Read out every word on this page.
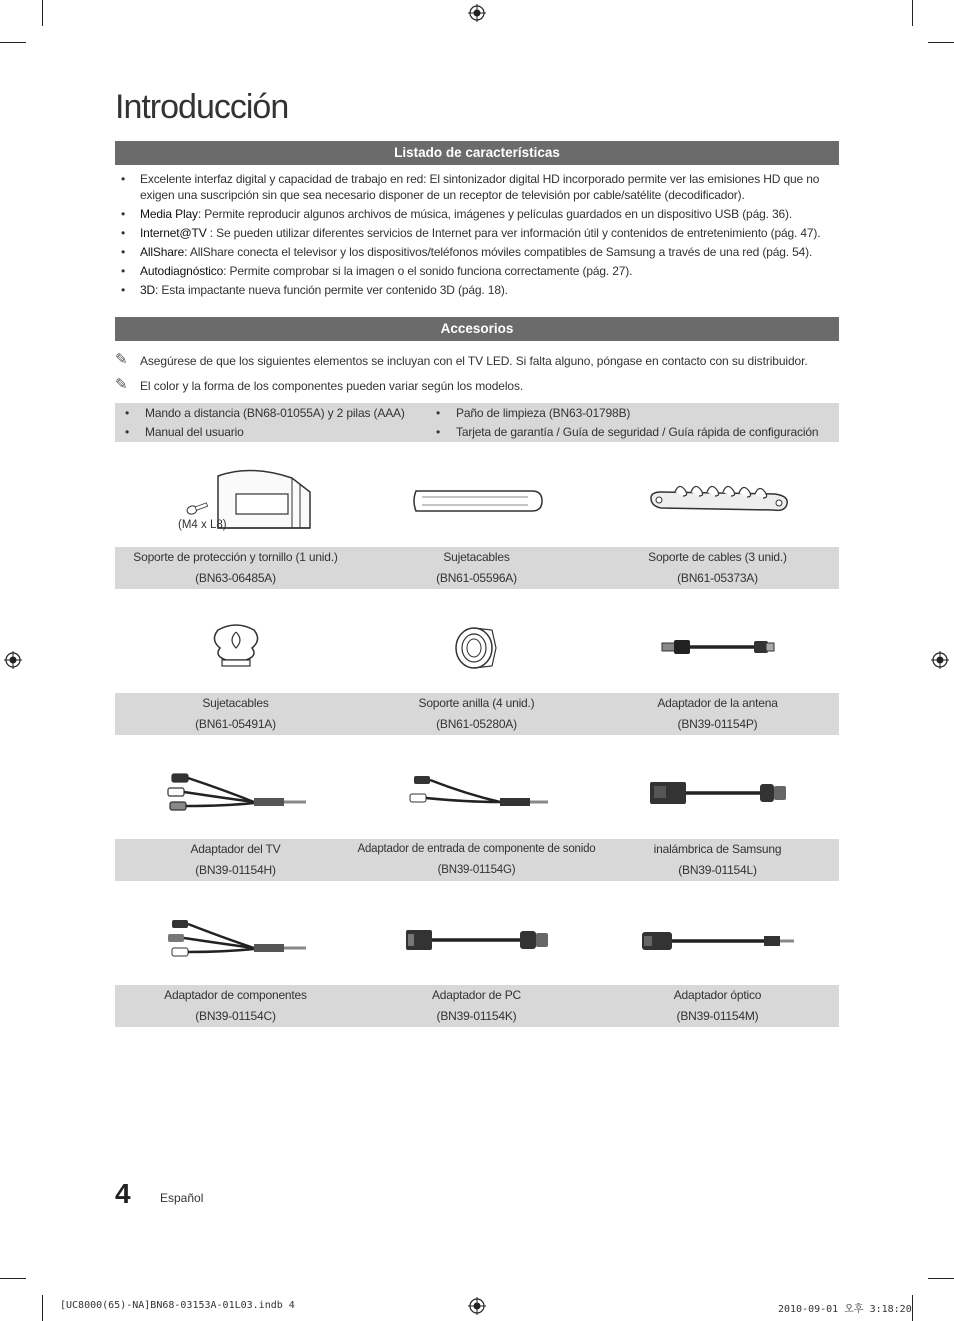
Introducción
Listado de características
• Excelente interfaz digital y capacidad de trabajo en red: El sintonizador digital HD incorporado permite ver las emisiones HD que no exigen una suscripción sin que sea necesario disponer de un receptor de televisión por cable/satélite (decodificador).
• Media Play: Permite reproducir algunos archivos de música, imágenes y películas guardados en un dispositivo USB (pág. 36).
• Internet@TV : Se pueden utilizar diferentes servicios de Internet para ver información útil y contenidos de entretenimiento (pág. 47).
• AllShare: AllShare conecta el televisor y los dispositivos/teléfonos móviles compatibles de Samsung a través de una red (pág. 54).
• Autodiagnóstico: Permite comprobar si la imagen o el sonido funciona correctamente (pág. 27).
• 3D: Esta impactante nueva función permite ver contenido 3D (pág. 18).
Accesorios
✎ Asegúrese de que los siguientes elementos se incluyan con el TV LED. Si falta alguno, póngase en contacto con su distribuidor.
✎ El color y la forma de los componentes pueden variar según los modelos.
• Mando a distancia (BN68-01055A) y 2 pilas (AAA)
• Manual del usuario
• Paño de limpieza (BN63-01798B)
• Tarjeta de garantía / Guía de seguridad / Guía rápida de configuración
(M4 x L8)
Soporte de protección y tornillo (1 unid.)
(BN63-06485A)
Sujetacables
(BN61-05596A)
Soporte de cables (3 unid.)
(BN61-05373A)
Sujetacables
(BN61-05491A)
Soporte anilla (4 unid.)
(BN61-05280A)
Adaptador de la antena
(BN39-01154P)
Adaptador del TV
(BN39-01154H)
Adaptador de entrada de componente de sonido
(BN39-01154G)
inalámbrica de Samsung
(BN39-01154L)
Adaptador de componentes
(BN39-01154C)
Adaptador de PC
(BN39-01154K)
Adaptador óptico
(BN39-01154M)
4 Español
[UC8000(65)-NA]BN68-03153A-01L03.indb 4	2010-09-01 오후 3:18:20
